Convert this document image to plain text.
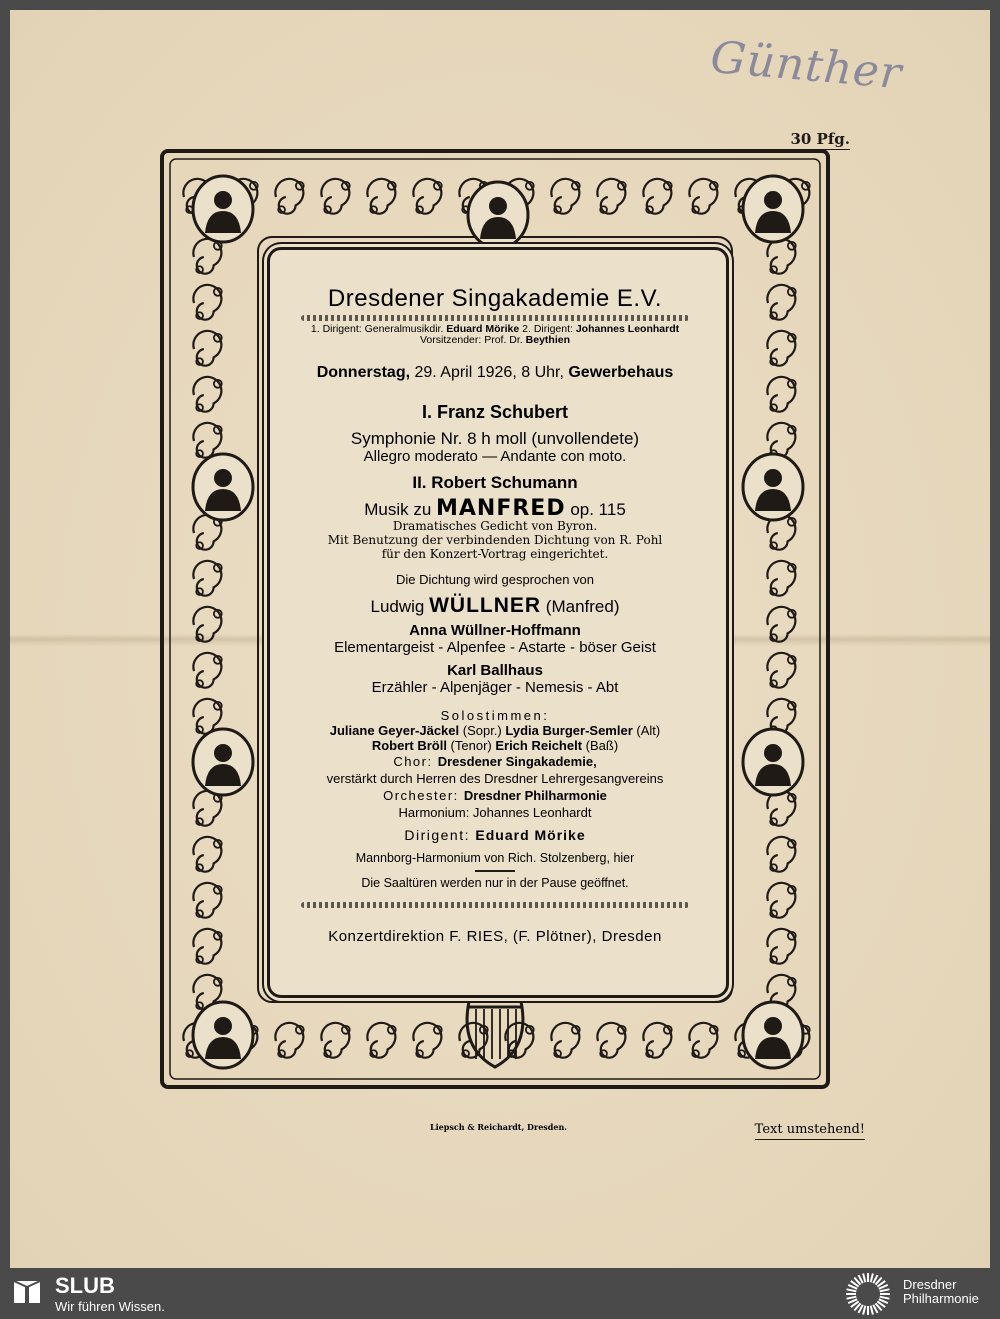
Günther
30 Pfg.
Dresdener Singakademie E.V.
1. Dirigent: Generalmusikdir. Eduard Mörike 2. Dirigent: Johannes Leonhardt
Vorsitzender: Prof. Dr. Beythien
Donnerstag, 29. April 1926, 8 Uhr, Gewerbehaus
I. Franz Schubert
Symphonie Nr. 8 h moll (unvollendete)
Allegro moderato — Andante con moto.
II. Robert Schumann
Musik zu MANFRED op. 115
Dramatisches Gedicht von Byron.
Mit Benutzung der verbindenden Dichtung von R. Pohl
für den Konzert-Vortrag eingerichtet.
Die Dichtung wird gesprochen von
Ludwig WÜLLNER (Manfred)
Anna Wüllner-Hoffmann
Elementargeist - Alpenfee - Astarte - böser Geist
Karl Ballhaus
Erzähler - Alpenjäger - Nemesis - Abt
Solostimmen:
Juliane Geyer-Jäckel (Sopr.) Lydia Burger-Semler (Alt)
Robert Bröll (Tenor) Erich Reichelt (Baß)
Chor: Dresdener Singakademie,
verstärkt durch Herren des Dresdner Lehrergesangvereins
Orchester: Dresdner Philharmonie
Harmonium: Johannes Leonhardt
Dirigent: Eduard Mörike
Mannborg-Harmonium von Rich. Stolzenberg, hier
Die Saaltüren werden nur in der Pause geöffnet.
Konzertdirektion F. RIES, (F. Plötner), Dresden
Liepsch & Reichardt, Dresden.	Text umstehend!
SLUB
Wir führen Wissen.
Dresdner
Philharmonie
